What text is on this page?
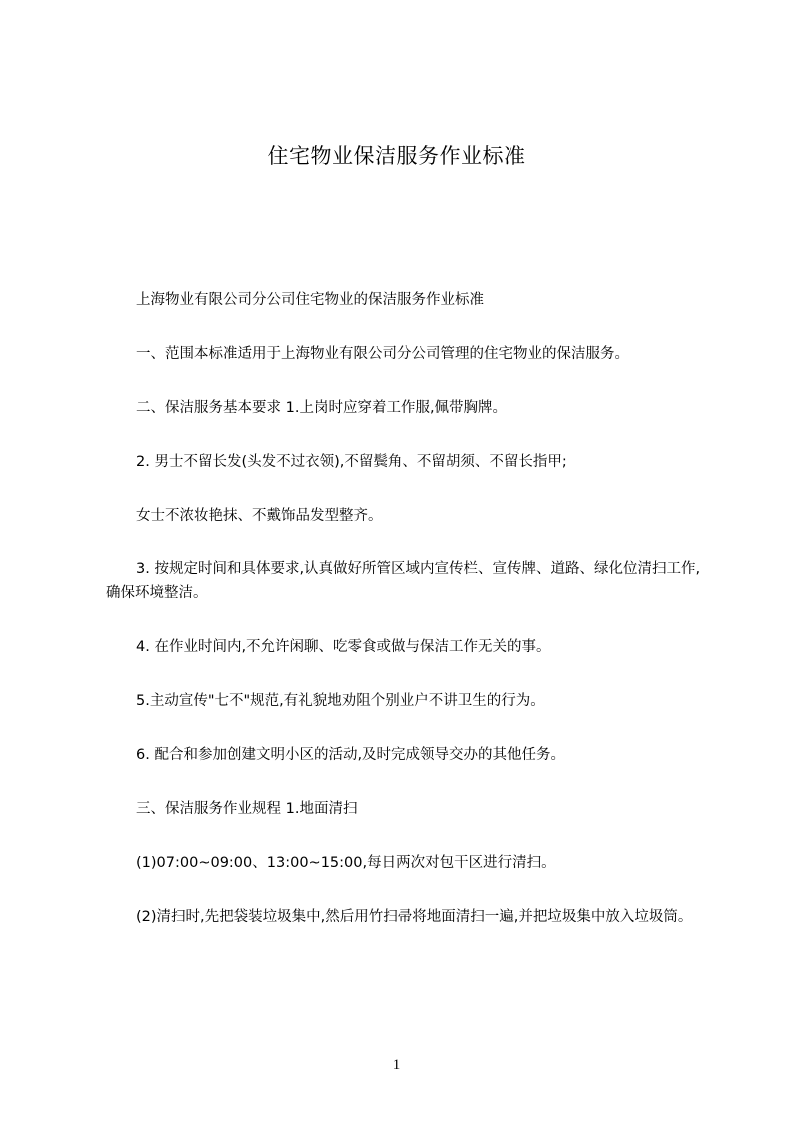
住宅物业保洁服务作业标准

上海物业有限公司分公司住宅物业的保洁服务作业标准

一、范围本标准适用于上海物业有限公司分公司管理的住宅物业的保洁服务。

二、保洁服务基本要求 1.上岗时应穿着工作服,佩带胸牌。

2. 男士不留长发(头发不过衣领),不留鬓角、不留胡须、不留长指甲;

女士不浓妆艳抹、不戴饰品发型整齐。

3. 按规定时间和具体要求,认真做好所管区域内宣传栏、宣传牌、道路、绿化位清扫工作,确保环境整洁。

4. 在作业时间内,不允许闲聊、吃零食或做与保洁工作无关的事。

5.主动宣传"七不"规范,有礼貌地劝阻个别业户不讲卫生的行为。

6. 配合和参加创建文明小区的活动,及时完成领导交办的其他任务。

三、保洁服务作业规程 1.地面清扫

(1)07:00~09:00、13:00~15:00,每日两次对包干区进行清扫。

(2)清扫时,先把袋装垃圾集中,然后用竹扫帚将地面清扫一遍,并把垃圾集中放入垃圾筒。

1
